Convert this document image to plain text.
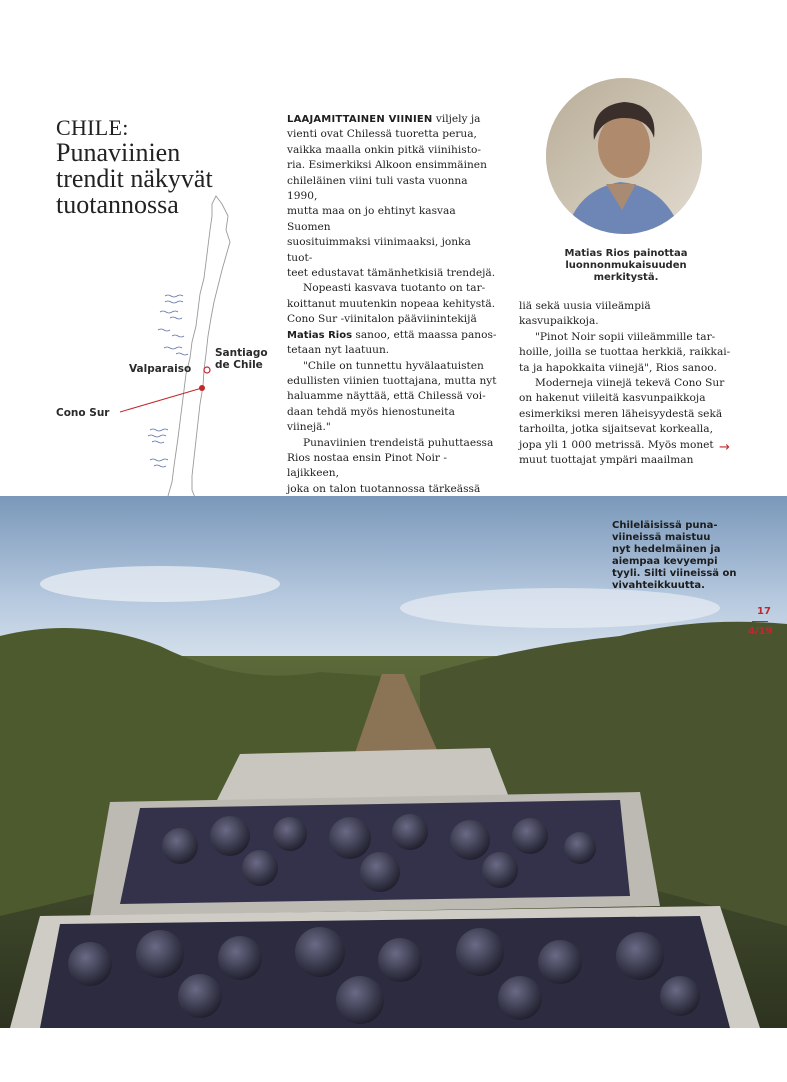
CHILE:
Punaviinien
trendit näkyvät
tuotannossa
Valparaiso
Santiago
de Chile
Cono Sur

LAAJAMITTAINEN VIINIEN viljely ja
vienti ovat Chilessä tuoretta perua,
vaikka maalla onkin pitkä viinihisto-
ria. Esimerkiksi Alkoon ensimmäinen
chileläinen viini tuli vasta vuonna 1990,
mutta maa on jo ehtinyt kasvaa Suomen
suosituimmaksi viinimaaksi, jonka tuot-
teet edustavat tämänhetkisiä trendejä.

Nopeasti kasvava tuotanto on tar-
koittanut muutenkin nopeaa kehitystä.
Cono Sur -viinitalon pääviinintekijä
Matias Rios sanoo, että maassa panos-
tetaan nyt laatuun.

"Chile on tunnettu hyvälaatuisten
edullisten viinien tuottajana, mutta nyt
haluamme näyttää, että Chilessä voi-
daan tehdä myös hienostuneita viinejä."

Punaviinien trendeistä puhuttaessa
Rios nostaa ensin Pinot Noir -lajikkeen,
joka on talon tuotannossa tärkeässä

Matias Rios painottaa
luonnonmukaisuuden merkitystä.

liä sekä uusia viileämpiä kasvupaikkoja.

"Pinot Noir sopii viileämmille tar-
hoille, joilla se tuottaa herkkiä, raikkai-
ta ja hapokkaita viinejä", Rios sanoo.

Moderneja viinejä tekevä Cono Sur
on hakenut viileitä kasvunpaikkoja
esimerkiksi meren läheisyydestä sekä
tarhoilta, jotka sijaitsevat korkealla,
jopa yli 1 000 metrissä. Myös monet
muut tuottajat ympäri maailman

→
Chileläisissä puna-
viineissä maistuu
nyt hedelmäinen ja
aiempaa kevyempi
tyyli. Silti viineissä on
vivahteikkuutta.
17
4/19
